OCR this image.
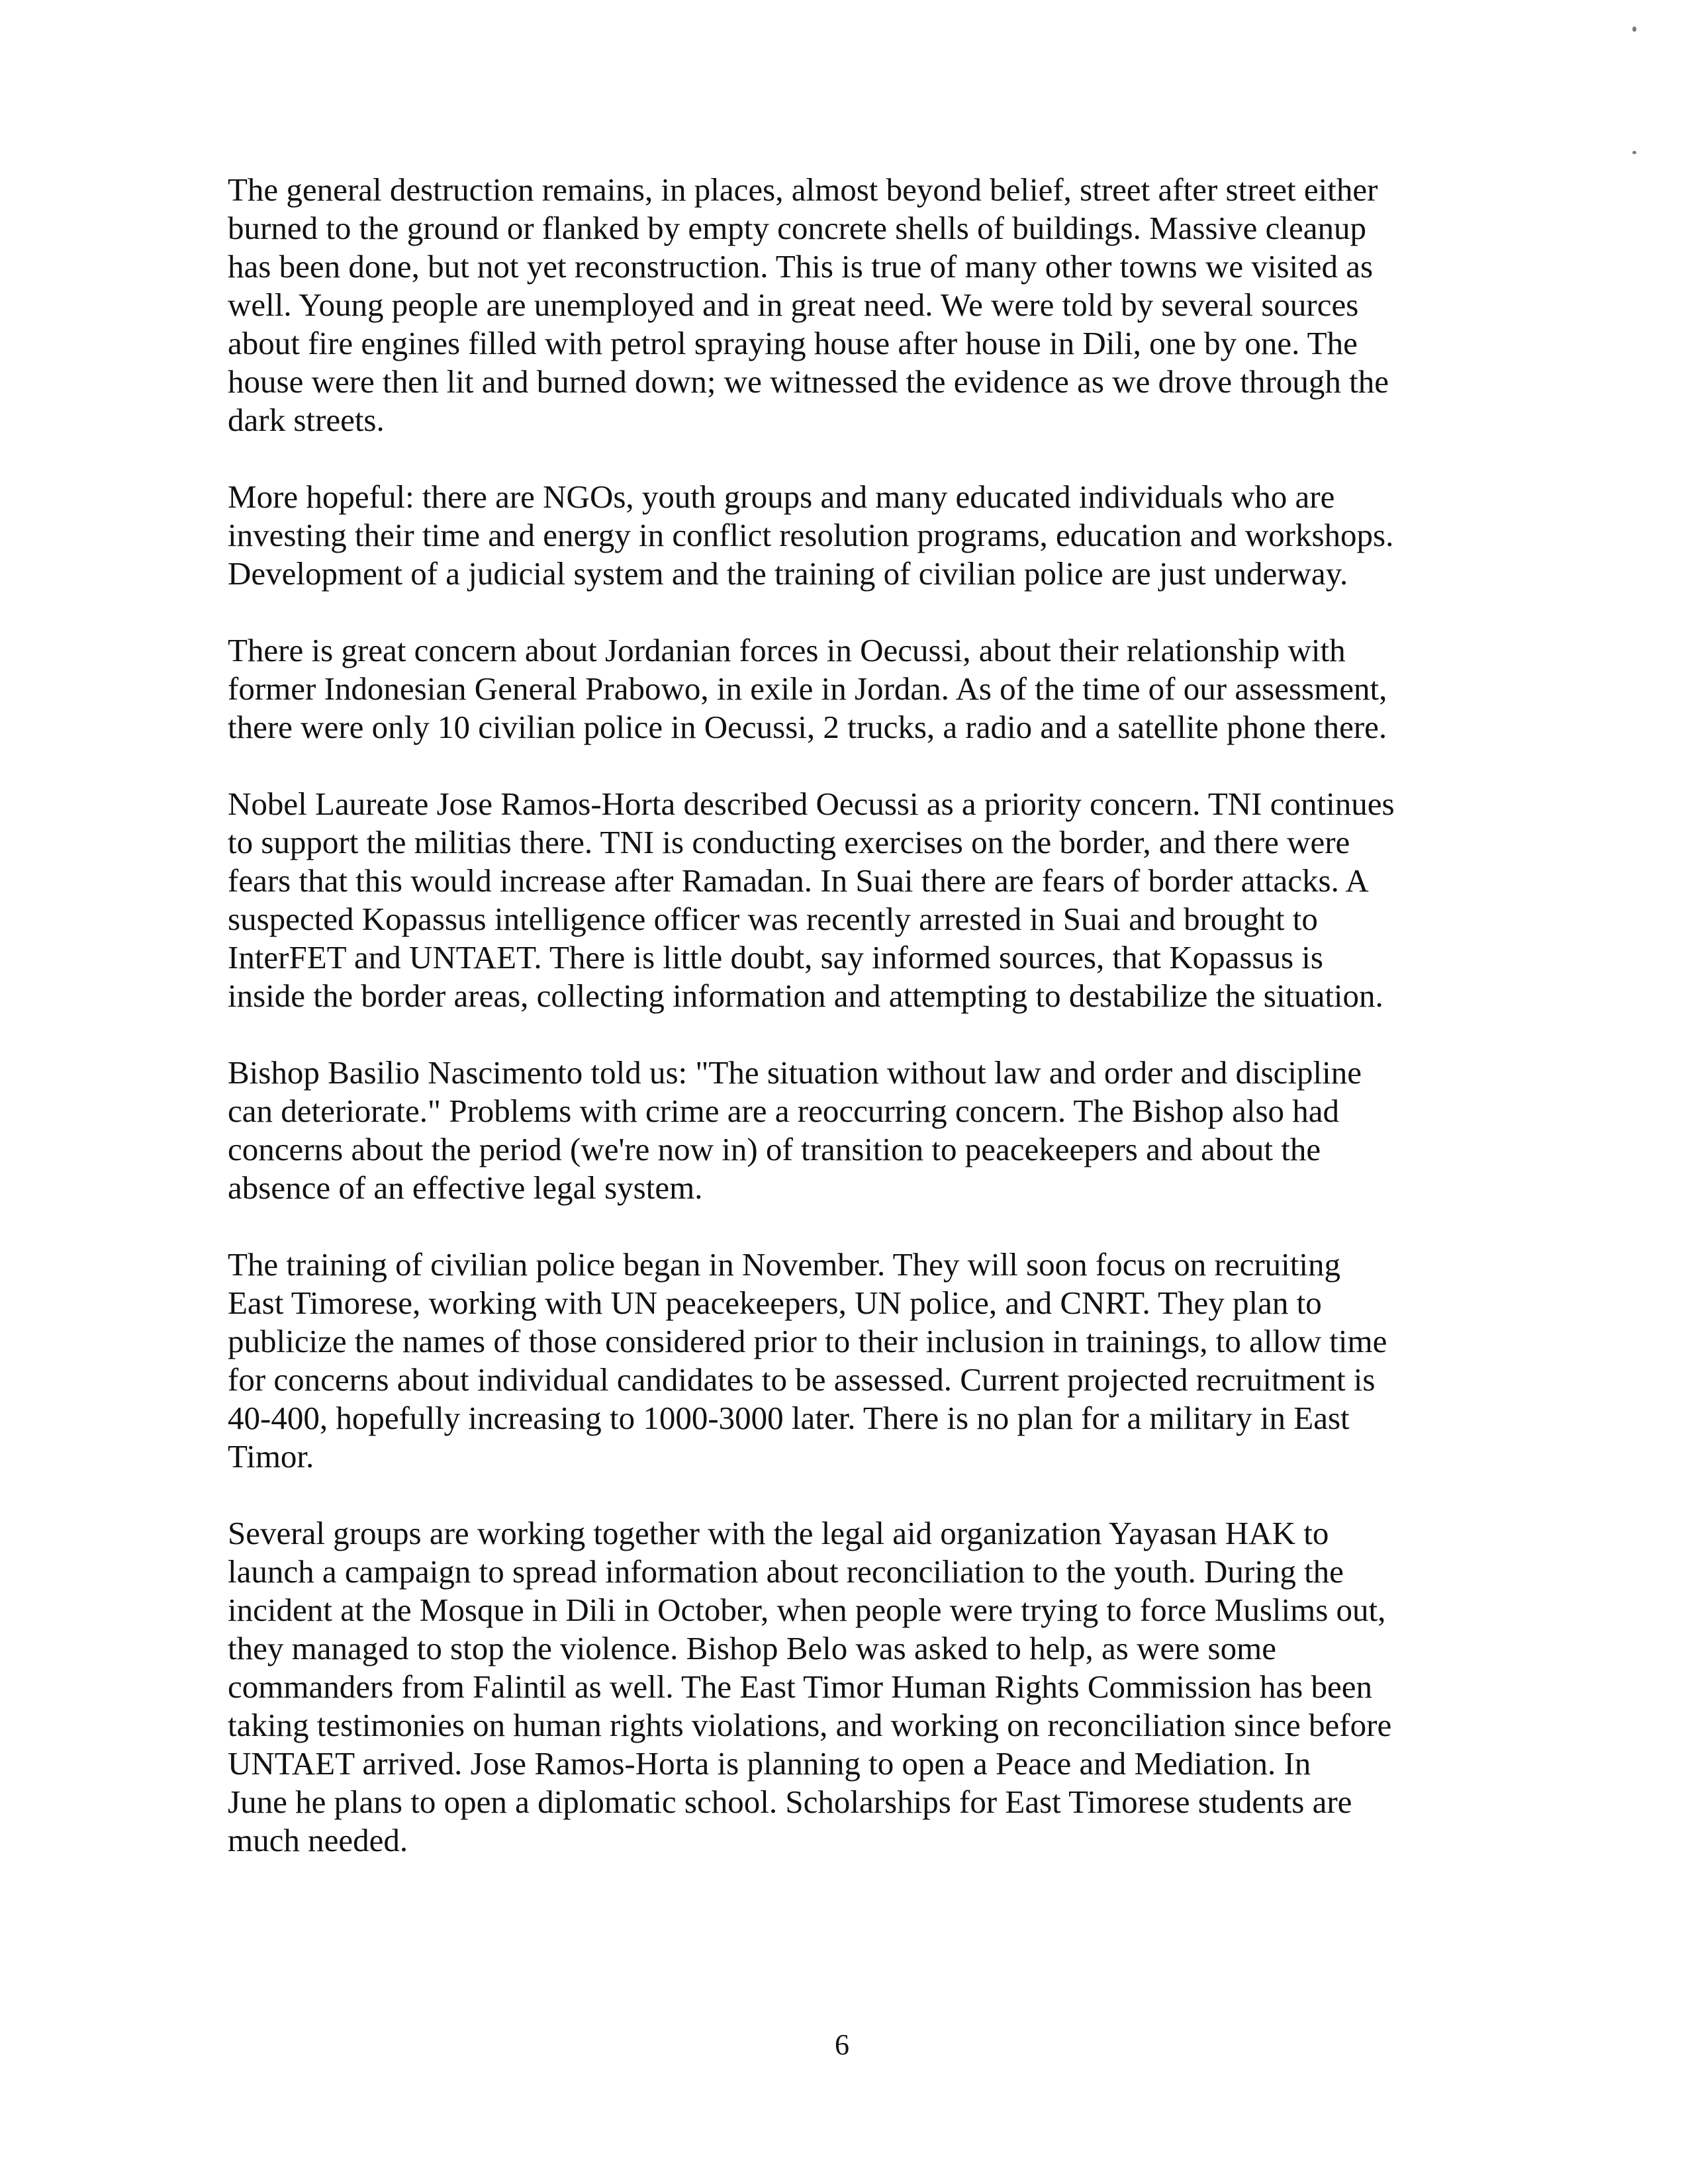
The general destruction remains, in places, almost beyond belief, street after street either
burned to the ground or flanked by empty concrete shells of buildings. Massive cleanup
has been done, but not yet reconstruction. This is true of many other towns we visited as
well. Young people are unemployed and in great need. We were told by several sources
about fire engines filled with petrol spraying house after house in Dili, one by one. The
house were then lit and burned down; we witnessed the evidence as we drove through the
dark streets.

More hopeful: there are NGOs, youth groups and many educated individuals who are
investing their time and energy in conflict resolution programs, education and workshops.
Development of a judicial system and the training of civilian police are just underway.

There is great concern about Jordanian forces in Oecussi, about their relationship with
former Indonesian General Prabowo, in exile in Jordan. As of the time of our assessment,
there were only 10 civilian police in Oecussi, 2 trucks, a radio and a satellite phone there.

Nobel Laureate Jose Ramos-Horta described Oecussi as a priority concern. TNI continues
to support the militias there. TNI is conducting exercises on the border, and there were
fears that this would increase after Ramadan. In Suai there are fears of border attacks. A
suspected Kopassus intelligence officer was recently arrested in Suai and brought to
InterFET and UNTAET. There is little doubt, say informed sources, that Kopassus is
inside the border areas, collecting information and attempting to destabilize the situation.

Bishop Basilio Nascimento told us: "The situation without law and order and discipline
can deteriorate." Problems with crime are a reoccurring concern. The Bishop also had
concerns about the period (we're now in) of transition to peacekeepers and about the
absence of an effective legal system.

The training of civilian police began in November. They will soon focus on recruiting
East Timorese, working with UN peacekeepers, UN police, and CNRT. They plan to
publicize the names of those considered prior to their inclusion in trainings, to allow time
for concerns about individual candidates to be assessed. Current projected recruitment is
40-400, hopefully increasing to 1000-3000 later. There is no plan for a military in East
Timor.

Several groups are working together with the legal aid organization Yayasan HAK to
launch a campaign to spread information about reconciliation to the youth. During the
incident at the Mosque in Dili in October, when people were trying to force Muslims out,
they managed to stop the violence. Bishop Belo was asked to help, as were some
commanders from Falintil as well. The East Timor Human Rights Commission has been
taking testimonies on human rights violations, and working on reconciliation since before
UNTAET arrived. Jose Ramos-Horta is planning to open a Peace and Mediation. In
June he plans to open a diplomatic school. Scholarships for East Timorese students are
much needed.

6
